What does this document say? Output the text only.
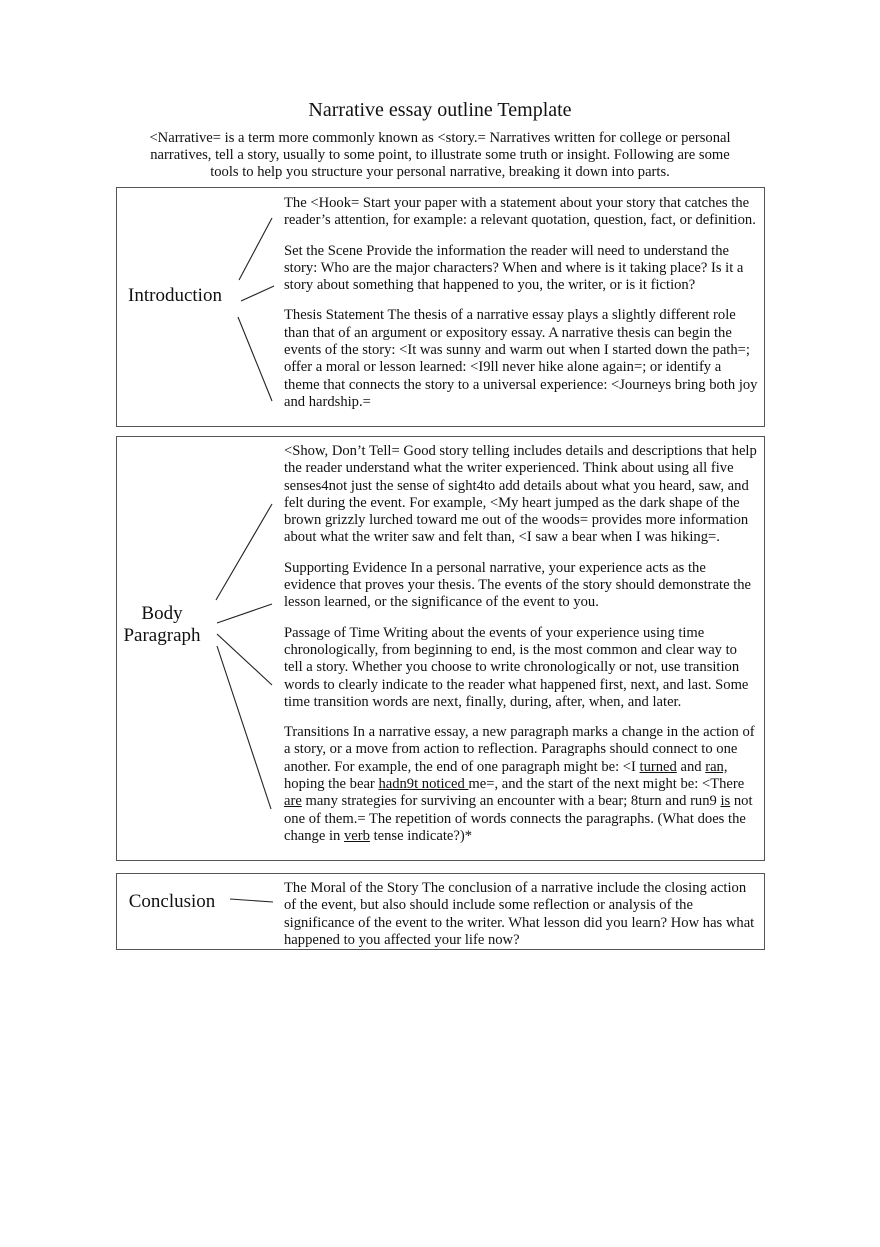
Narrative essay outline Template
<Narrative= is a term more commonly known as <story.= Narratives written for college or personal narratives, tell a story, usually to some point, to illustrate some truth or insight. Following are some tools to help you structure your personal narrative, breaking it down into parts.
Introduction

The <Hook= Start your paper with a statement about your story that catches the reader’s attention, for example: a relevant quotation, question, fact, or definition.

Set the Scene Provide the information the reader will need to understand the story: Who are the major characters? When and where is it taking place? Is it a story about something that happened to you, the writer, or is it fiction?

Thesis Statement The thesis of a narrative essay plays a slightly different role than that of an argument or expository essay. A narrative thesis can begin the events of the story: <It was sunny and warm out when I started down the path=; offer a moral or lesson learned: <I9ll never hike alone again=; or identify a theme that connects the story to a universal experience: <Journeys bring both joy and hardship.=

Body
Paragraph

<Show, Don’t Tell= Good story telling includes details and descriptions that help the reader understand what the writer experienced. Think about using all five senses4not just the sense of sight4to add details about what you heard, saw, and felt during the event. For example, <My heart jumped as the dark shape of the brown grizzly lurched toward me out of the woods= provides more information about what the writer saw and felt than, <I saw a bear when I was hiking=.

Supporting Evidence In a personal narrative, your experience acts as the evidence that proves your thesis. The events of the story should demonstrate the lesson learned, or the significance of the event to you.

Passage of Time Writing about the events of your experience using time chronologically, from beginning to end, is the most common and clear way to tell a story. Whether you choose to write chronologically or not, use transition words to clearly indicate to the reader what happened first, next, and last. Some time transition words are next, finally, during, after, when, and later.

Transitions In a narrative essay, a new paragraph marks a change in the action of a story, or a move from action to reflection. Paragraphs should connect to one another. For example, the end of one paragraph might be: <I turned and ran, hoping the bear hadn9t noticed me=, and the start of the next might be: <There are many strategies for surviving an encounter with a bear; 8turn and run9 is not one of them.= The repetition of words connects the paragraphs. (What does the change in verb tense indicate?)*

Conclusion

The Moral of the Story The conclusion of a narrative include the closing action of the event, but also should include some reflection or analysis of the significance of the event to the writer. What lesson did you learn? How has what happened to you affected your life now?
